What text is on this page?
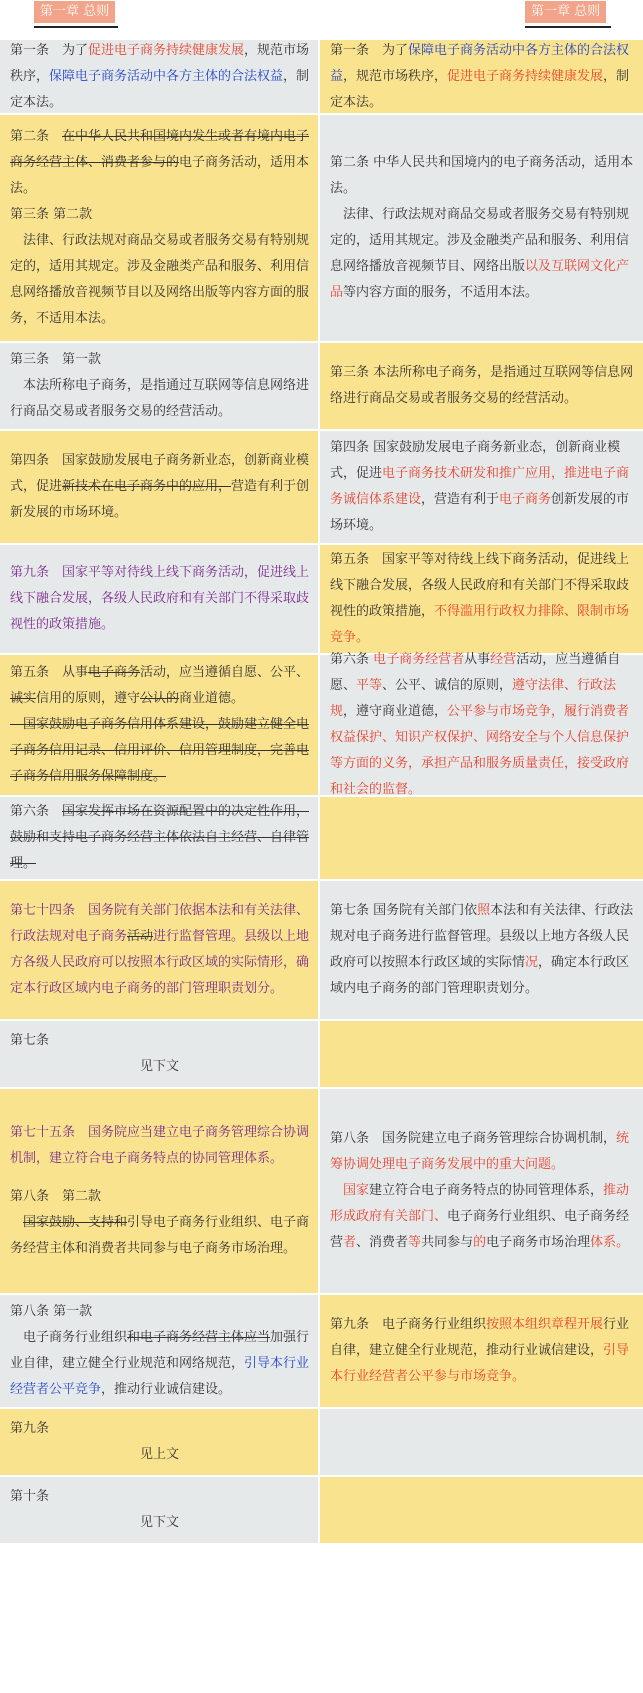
第一章 总则	第一章 总则

第一条　为了促进电子商务持续健康发展，规范市场秩序，保障电子商务活动中各方主体的合法权益，制定本法。

第一条　为了保障电子商务活动中各方主体的合法权益，规范市场秩序，促进电子商务持续健康发展，制定本法。

第二条　在中华人民共和国境内发生或者有境内电子商务经营主体、消费者参与的电子商务活动，适用本法。

第三条 第二款

　法律、行政法规对商品交易或者服务交易有特别规定的，适用其规定。涉及金融类产品和服务、利用信息网络播放音视频节目以及网络出版等内容方面的服务，不适用本法。

第二条 中华人民共和国境内的电子商务活动，适用本法。

　法律、行政法规对商品交易或者服务交易有特别规定的，适用其规定。涉及金融类产品和服务、利用信息网络播放音视频节目、网络出版以及互联网文化产品等内容方面的服务，不适用本法。

第三条　第一款

　本法所称电子商务，是指通过互联网等信息网络进行商品交易或者服务交易的经营活动。

第三条 本法所称电子商务，是指通过互联网等信息网络进行商品交易或者服务交易的经营活动。

第四条　国家鼓励发展电子商务新业态，创新商业模式，促进新技术在电子商务中的应用，营造有利于创新发展的市场环境。

第四条 国家鼓励发展电子商务新业态，创新商业模式，促进电子商务技术研发和推广应用，推进电子商务诚信体系建设，营造有利于电子商务创新发展的市场环境。

第九条　国家平等对待线上线下商务活动，促进线上线下融合发展，各级人民政府和有关部门不得采取歧视性的政策措施。

第五条　国家平等对待线上线下商务活动，促进线上线下融合发展，各级人民政府和有关部门不得采取歧视性的政策措施，不得滥用行政权力排除、限制市场竞争。

第五条　从事电子商务活动，应当遵循自愿、公平、诚实信用的原则，遵守公认的商业道德。

　国家鼓励电子商务信用体系建设，鼓励建立健全电子商务信用记录、信用评价、信用管理制度，完善电子商务信用服务保障制度。

第六条 电子商务经营者从事经营活动，应当遵循自愿、平等、公平、诚信的原则，遵守法律、行政法规，遵守商业道德，公平参与市场竞争，履行消费者权益保护、知识产权保护、网络安全与个人信息保护等方面的义务，承担产品和服务质量责任，接受政府和社会的监督。

第六条　国家发挥市场在资源配置中的决定性作用，鼓励和支持电子商务经营主体依法自主经营、自律管理。

第七十四条　国务院有关部门依据本法和有关法律、行政法规对电子商务活动进行监督管理。县级以上地方各级人民政府可以按照本行政区域的实际情形，确定本行政区域内电子商务的部门管理职责划分。

第七条 国务院有关部门依照本法和有关法律、行政法规对电子商务进行监督管理。县级以上地方各级人民政府可以按照本行政区域的实际情况，确定本行政区域内电子商务的部门管理职责划分。

第七条

见下文

第七十五条　国务院应当建立电子商务管理综合协调机制，建立符合电子商务特点的协同管理体系。

第八条　第二款

　国家鼓励、支持和引导电子商务行业组织、电子商务经营主体和消费者共同参与电子商务市场治理。

第八条　国务院建立电子商务管理综合协调机制，统筹协调处理电子商务发展中的重大问题。

　国家建立符合电子商务特点的协同管理体系，推动形成政府有关部门、电子商务行业组织、电子商务经营者、消费者等共同参与的电子商务市场治理体系。

第八条 第一款

　电子商务行业组织和电子商务经营主体应当加强行业自律，建立健全行业规范和网络规范，引导本行业经营者公平竞争，推动行业诚信建设。

第九条　电子商务行业组织按照本组织章程开展行业自律，建立健全行业规范，推动行业诚信建设，引导本行业经营者公平参与市场竞争。

第九条

见上文

第十条

见下文
